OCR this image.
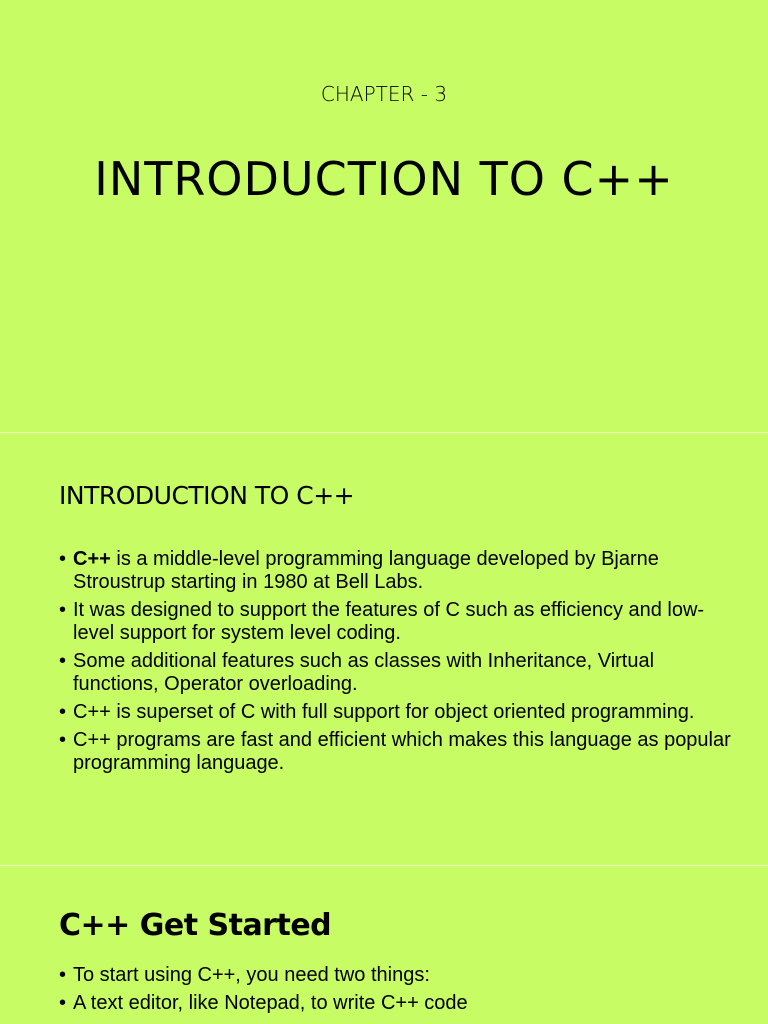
CHAPTER - 3
INTRODUCTION TO C++
INTRODUCTION TO C++
• C++ is a middle-level programming language developed by Bjarne Stroustrup starting in 1980 at Bell Labs.
• It was designed to support the features of C such as efficiency and low-level support for system level coding.
• Some additional features such as classes with Inheritance, Virtual functions, Operator overloading.
• C++ is superset of C with full support for object oriented programming.
• C++ programs are fast and efficient which makes this language as popular programming language.
C++ Get Started
• To start using C++, you need two things:
• A text editor, like Notepad, to write C++ code
